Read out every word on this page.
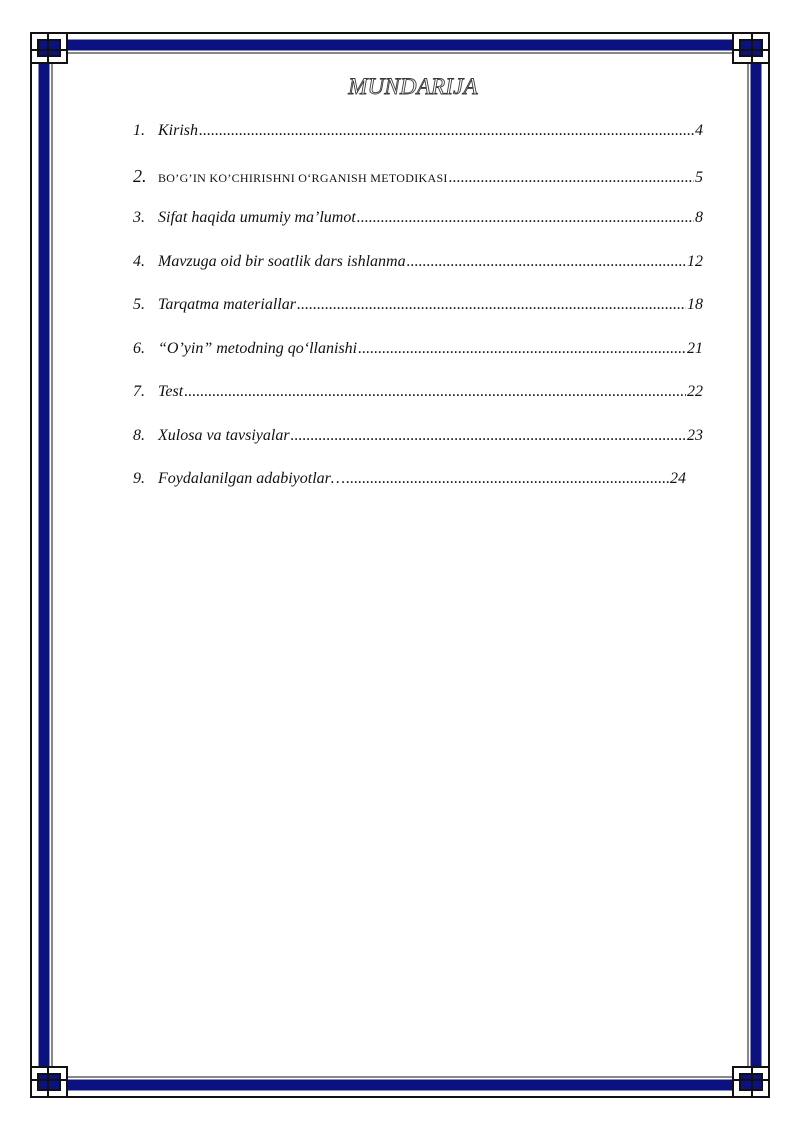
MUNDARIJA
1. Kirish .....	4
2. BO’G’IN KO’CHIRISHNI O‘RGANISH METODIKASI .....	5
3. Sifat haqida umumiy ma’lumot .....	8
4. Mavzuga oid bir soatlik dars ishlanma .....	12
5. Tarqatma materiallar .....	18
6. “O’yin” metodning qo‘llanishi .....	21
7. Test .....	22
8. Xulosa va tavsiyalar .....	23
9. Foydalanilgan adabiyotlar… .....	24
